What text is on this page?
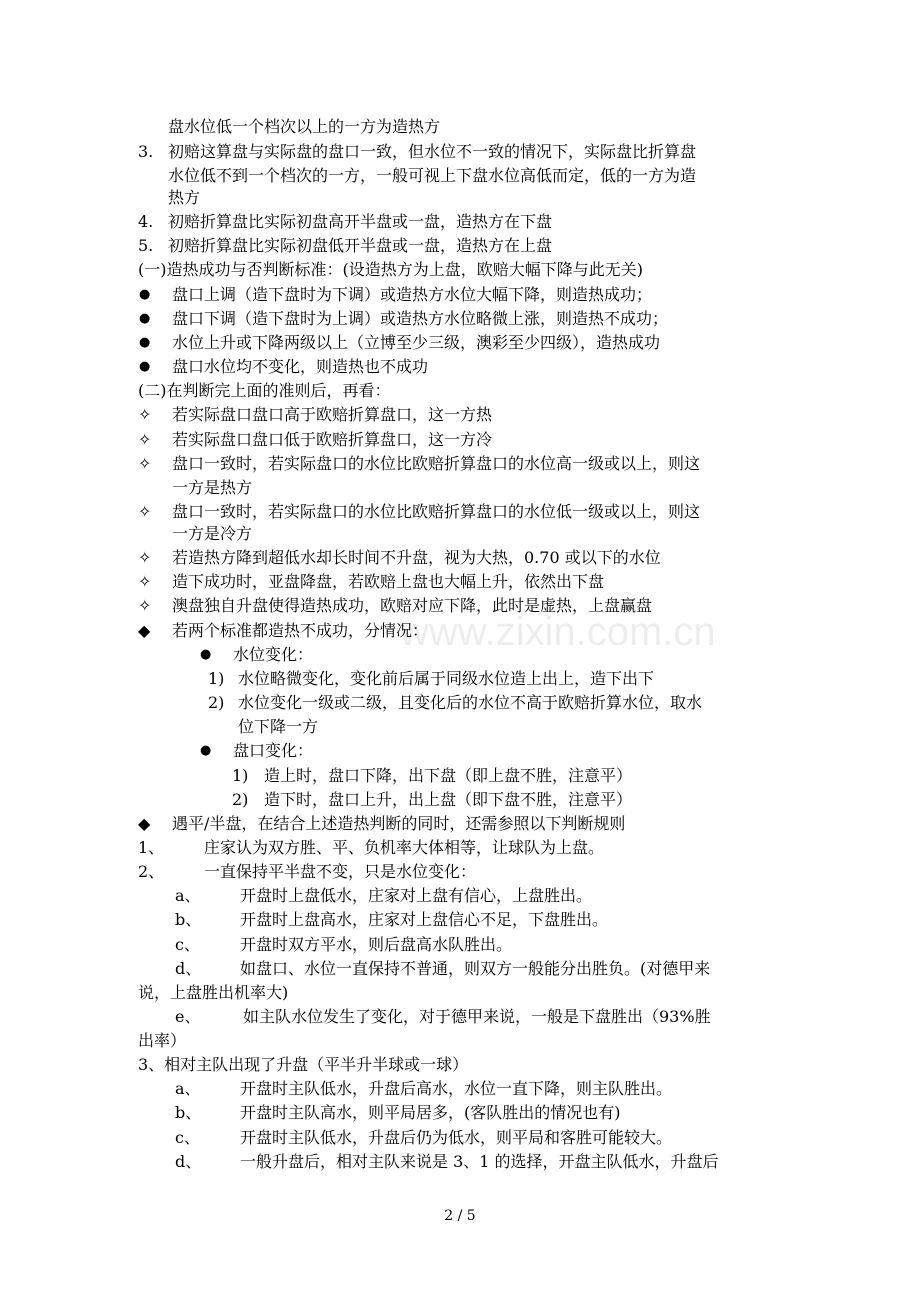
www.zixin.com.cn
3.
4.
5.
●
●
●
●
✧
✧
✧
✧
✧
✧
✧
◆
●
1)
2)
●
1)
2)
◆
1、
2、
a、
b、
c、
d、
e、
a、
b、
c、
d、
盘水位低一个档次以上的一方为造热方
初赔这算盘与实际盘的盘口一致，但水位不一致的情况下，实际盘比折算盘
水位低不到一个档次的一方，一般可视上下盘水位高低而定，低的一方为造
热方
初赔折算盘比实际初盘高开半盘或一盘，造热方在下盘
初赔折算盘比实际初盘低开半盘或一盘，造热方在上盘
(一)造热成功与否判断标准：(设造热方为上盘，欧赔大幅下降与此无关)
盘口上调（造下盘时为下调）或造热方水位大幅下降，则造热成功；
盘口下调（造下盘时为上调）或造热方水位略微上涨，则造热不成功；
水位上升或下降两级以上（立博至少三级，澳彩至少四级），造热成功
盘口水位均不变化，则造热也不成功
(二)在判断完上面的准则后，再看：
若实际盘口盘口高于欧赔折算盘口，这一方热
若实际盘口盘口低于欧赔折算盘口，这一方冷
盘口一致时，若实际盘口的水位比欧赔折算盘口的水位高一级或以上，则这
一方是热方
盘口一致时，若实际盘口的水位比欧赔折算盘口的水位低一级或以上，则这
一方是冷方
若造热方降到超低水却长时间不升盘，视为大热，0.70 或以下的水位
造下成功时，亚盘降盘，若欧赔上盘也大幅上升，依然出下盘
澳盘独自升盘使得造热成功，欧赔对应下降，此时是虚热，上盘赢盘
若两个标准都造热不成功，分情况：
水位变化：
水位略微变化，变化前后属于同级水位造上出上，造下出下
水位变化一级或二级，且变化后的水位不高于欧赔折算水位，取水
位下降一方
盘口变化：
造上时，盘口下降，出下盘（即上盘不胜，注意平）
造下时，盘口上升，出上盘（即下盘不胜，注意平）
遇平/半盘，在结合上述造热判断的同时，还需参照以下判断规则
庄家认为双方胜、平、负机率大体相等，让球队为上盘。
一直保持平半盘不变，只是水位变化：
开盘时上盘低水，庄家对上盘有信心，上盘胜出。
开盘时上盘高水，庄家对上盘信心不足，下盘胜出。
开盘时双方平水，则后盘高水队胜出。
如盘口、水位一直保持不普通，则双方一般能分出胜负。(对德甲来
说，上盘胜出机率大)
如主队水位发生了变化，对于德甲来说，一般是下盘胜出（93%胜
出率）
3、相对主队出现了升盘（平半升半球或一球）
开盘时主队低水，升盘后高水，水位一直下降，则主队胜出。
开盘时主队高水，则平局居多，(客队胜出的情况也有)
开盘时主队低水，升盘后仍为低水，则平局和客胜可能较大。
一般升盘后，相对主队来说是 3、1 的选择，开盘主队低水，升盘后
2 / 5
